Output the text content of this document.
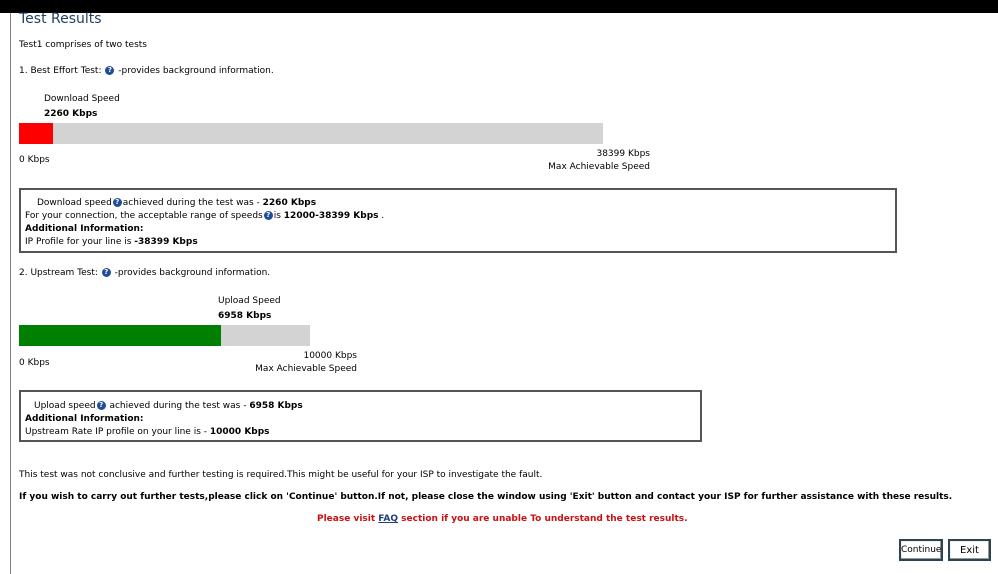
Test Results
Test1 comprises of two tests
1. Best Effort Test: ? -provides background information.
Download Speed
2260 Kbps
0 Kbps
38399 Kbps
Max Achievable Speed
Download speed ? achieved during the test was - 2260 Kbps
For your connection, the acceptable range of speeds ? is 12000-38399 Kbps .
Additional Information:
IP Profile for your line is -38399 Kbps
2. Upstream Test: ? -provides background information.
Upload Speed
6958 Kbps
0 Kbps
10000 Kbps
Max Achievable Speed
Upload speed ? achieved during the test was - 6958 Kbps
Additional Information:
Upstream Rate IP profile on your line is - 10000 Kbps
This test was not conclusive and further testing is required.This might be useful for your ISP to investigate the fault.
If you wish to carry out further tests,please click on 'Continue' button.If not, please close the window using 'Exit' button and contact your ISP for further assistance with these results.
Please visit FAQ section if you are unable To understand the test results.
Continue	Exit
